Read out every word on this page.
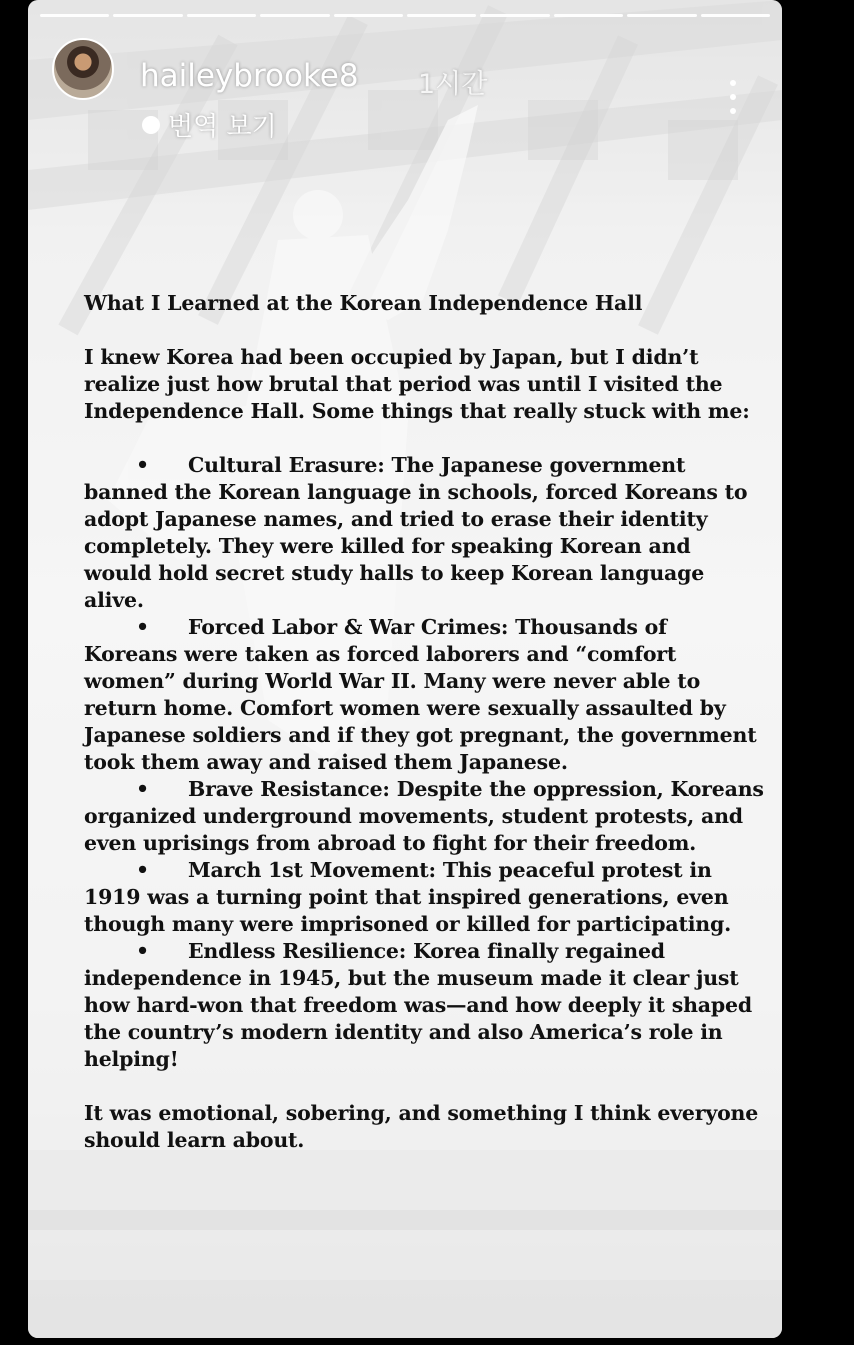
haileybrooke8 1시간
번역 보기

What I Learned at the Korean Independence Hall

I knew Korea had been occupied by Japan, but I didn’t realize just how brutal that period was until I visited the Independence Hall. Some things that really stuck with me:

• Cultural Erasure: The Japanese government banned the Korean language in schools, forced Koreans to adopt Japanese names, and tried to erase their identity completely. They were killed for speaking Korean and would hold secret study halls to keep Korean language alive.
• Forced Labor & War Crimes: Thousands of Koreans were taken as forced laborers and “comfort women” during World War II. Many were never able to return home. Comfort women were sexually assaulted by Japanese soldiers and if they got pregnant, the government took them away and raised them Japanese.
• Brave Resistance: Despite the oppression, Koreans organized underground movements, student protests, and even uprisings from abroad to fight for their freedom.
• March 1st Movement: This peaceful protest in 1919 was a turning point that inspired generations, even though many were imprisoned or killed for participating.
• Endless Resilience: Korea finally regained independence in 1945, but the museum made it clear just how hard-won that freedom was—and how deeply it shaped the country’s modern identity and also America’s role in helping!

It was emotional, sobering, and something I think everyone should learn about.
